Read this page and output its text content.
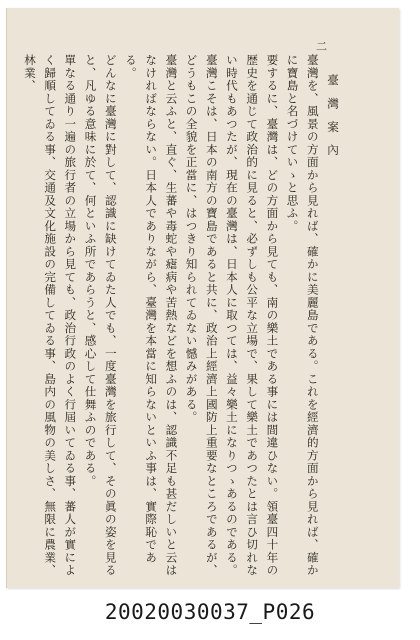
二

臺 灣 案 內

臺灣を、風景の方面から見れば、確かに美麗島である。これを經濟的方面から見れば、確かに寶島と名づけていゝと思ふ。

要するに、臺灣は、どの方面から見ても、南の樂土である事には間違ひない。領臺四十年の歴史を通じて政治的に見ると、必ずしも公平な立場で、果して樂土であつたとは言ひ切れない時代もあつたが、現在の臺灣は、日本人に取つては、益々樂土になりつゝあるのである。

臺灣こそは、日本の南方の寶島であると共に、政治上經濟上國防上重要なところであるが、どうもこの全貌を正當に、はつきり知られてゐない憾みがある。

臺灣と云ふと、直ぐ、生蕃や毒蛇や瘧病や苦熱などを想ふのは、認識不足も甚だしいと云はなければならない。日本人でありながら、臺灣を本當に知らないといふ事は、實際恥である。

どんなに臺灣に對して、認識に缺けてゐた人でも、一度臺灣を旅行して、その眞の姿を見ると、凡ゆる意味に於て、何といふ所であらうと、感心して仕舞ふのである。

單なる通り一遍の旅行者の立場から見ても、政治行政のよく行屆いてゐる事、蕃人が實によく歸順してゐる事、交通及文化施設の完備してゐる事、島内の風物の美しさ、無限に農業、林業、

20020030037_P026
